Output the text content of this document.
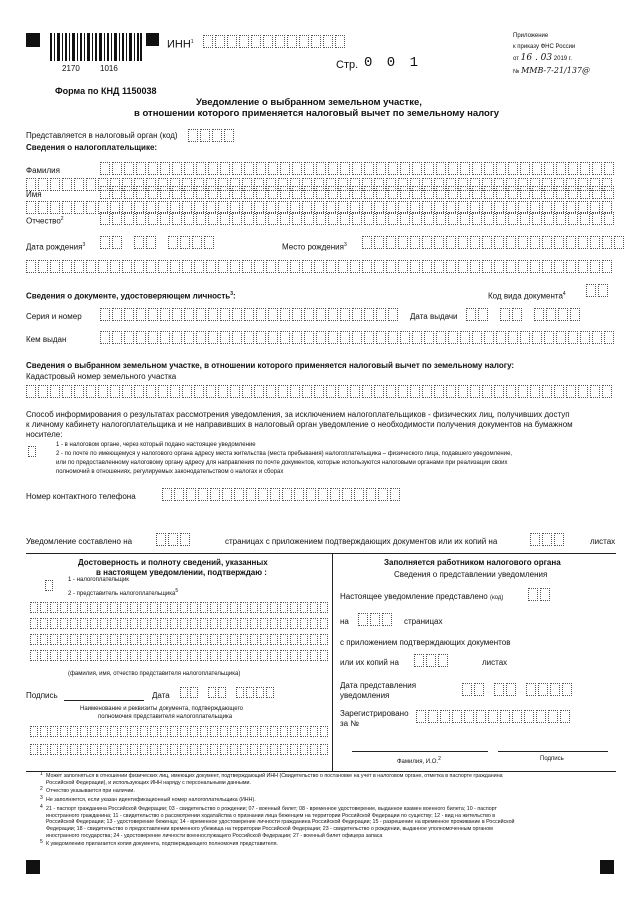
2170	1016
ИНН$^1$
Стр. 0 0 1
Приложение
к приказу ФНС России
от 16 . 03 2019 г.
№ ММВ-7-21/137@
Форма по КНД 1150038
Уведомление о выбранном земельном участке,
в отношении которого применяется налоговый вычет по земельному налогу
Представляется в налоговый орган (код)
Сведения о налогоплательщике:
Фамилия
Имя
Отчество$^2$
Дата рождения$^3$	Место рождения$^3$
Сведения о документе, удостоверяющем личность$^3$:	Код вида документа$^4$
Серия и номер	Дата выдачи
Кем выдан
Сведения о выбранном земельном участке, в отношении которого применяется налоговый вычет по земельному налогу:
Кадастровый номер земельного участка
Способ информирования о результатах рассмотрения уведомления, за исключением налогоплательщиков - физических лиц, получивших доступ
к личному кабинету налогоплательщика и не направивших в налоговый орган уведомление о необходимости получения документов на бумажном
носителе:
1 - в налоговом органе, через который подано настоящее уведомление
2 - по почте по имеющемуся у налогового органа адресу места жительства (места пребывания) налогоплательщика – физического лица, подавшего уведомление,
или по предоставленному налоговому органу адресу для направления по почте документов, которые используются налоговыми органами при реализации своих
полномочий в отношениях, регулируемых законодательством о налогах и сборах
Номер контактного телефона
Уведомление составлено на	страницах с приложением подтверждающих документов или их копий на	листах
Достоверность и полноту сведений, указанных
в настоящем уведомлении, подтверждаю :
1 - налогоплательщик
2 - представитель налогоплательщика$^5$
(фамилия, имя, отчество представителя налогоплательщика)
Подпись	Дата
Наименование и реквизиты документа, подтверждающего
полномочия представителя налогоплательщика
Заполняется работником налогового органа
Сведения о представлении уведомления
Настоящее уведомление представлено (код)
на	страницах
с приложением подтверждающих документов
или их копий на	листах
Дата представления
уведомления
Зарегистрировано
за №
Фамилия, И.О.$^2$	Подпись
1 Может заполняться в отношении физических лиц, имеющих документ, подтверждающий ИНН (Свидетельство о постановке на учет в налоговом органе, отметка в паспорте гражданина
Российской Федерации), и использующих ИНН наряду с персональными данными.
2 Отчество указывается при наличии.
3 Не заполняется, если указан идентификационный номер налогоплательщика (ИНН).
4 21 - паспорт гражданина Российской Федерации; 03 - свидетельство о рождении; 07 - военный билет; 08 - временное удостоверение, выданное взамен военного билета; 10 - паспорт
иностранного гражданина; 11 - свидетельство о рассмотрении ходатайства о признании лица беженцем на территории Российской Федерации по существу; 12 - вид на жительство в
Российской Федерации; 13 - удостоверение беженца; 14 - временное удостоверение личности гражданина Российской Федерации; 15 - разрешение на временное проживание в Российской
Федерации; 18 - свидетельство о предоставлении временного убежища на территории Российской Федерации; 23 - свидетельство о рождении, выданное уполномоченным органом
иностранного государства; 24 - удостоверение личности военнослужащего Российской Федерации; 27 - военный билет офицера запаса
5 К уведомлению прилагается копия документа, подтверждающего полномочия представителя.
